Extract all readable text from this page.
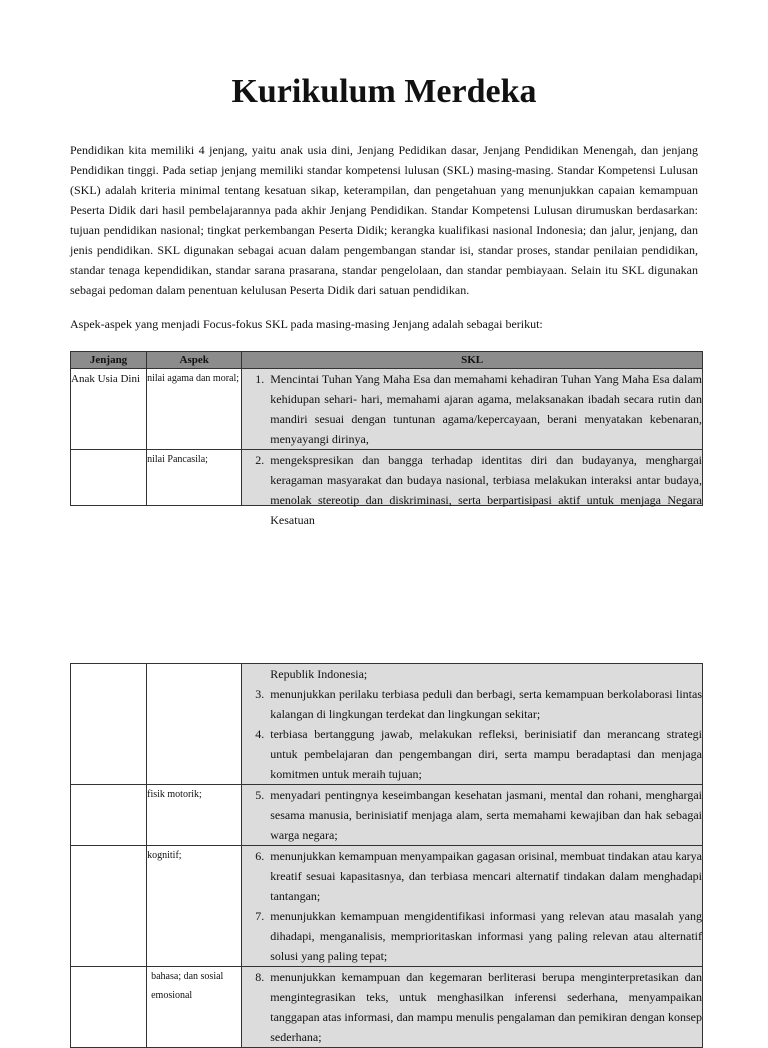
Kurikulum Merdeka

Pendidikan kita memiliki 4 jenjang, yaitu anak usia dini, Jenjang Pedidikan dasar, Jenjang Pendidikan Menengah, dan jenjang Pendidikan tinggi. Pada setiap jenjang memiliki standar kompetensi lulusan (SKL) masing-masing. Standar Kompetensi Lulusan (SKL) adalah kriteria minimal tentang kesatuan sikap, keterampilan, dan pengetahuan yang menunjukkan capaian kemampuan Peserta Didik dari hasil pembelajarannya pada akhir Jenjang Pendidikan. Standar Kompetensi Lulusan dirumuskan berdasarkan: tujuan pendidikan nasional; tingkat perkembangan Peserta Didik; kerangka kualifikasi nasional Indonesia; dan jalur, jenjang, dan jenis pendidikan. SKL digunakan sebagai acuan dalam pengembangan standar isi, standar proses, standar penilaian pendidikan, standar tenaga kependidikan, standar sarana prasarana, standar pengelolaan, dan standar pembiayaan. Selain itu SKL digunakan sebagai pedoman dalam penentuan kelulusan Peserta Didik dari satuan pendidikan.

Aspek-aspek yang menjadi Focus-fokus SKL pada masing-masing Jenjang adalah sebagai berikut:

Jenjang	Aspek	SKL
Anak Usia Dini	nilai agama dan moral;	1. Mencintai Tuhan Yang Maha Esa dan memahami kehadiran Tuhan Yang Maha Esa dalam kehidupan sehari- hari, memahami ajaran agama, melaksanakan ibadah secara rutin dan mandiri sesuai dengan tuntunan agama/kepercayaan, berani menyatakan kebenaran, menyayangi dirinya,

	nilai Pancasila;	2. mengekspresikan dan bangga terhadap identitas diri dan budayanya, menghargai keragaman masyarakat dan budaya nasional, terbiasa melakukan interaksi antar budaya, menolak stereotip dan diskriminasi, serta berpartisipasi aktif untuk menjaga Negara Kesatuan

		Republik Indonesia;
3. menunjukkan perilaku terbiasa peduli dan berbagi, serta kemampuan berkolaborasi lintas kalangan di lingkungan terdekat dan lingkungan sekitar;
4. terbiasa bertanggung jawab, melakukan refleksi, berinisiatif dan merancang strategi untuk pembelajaran dan pengembangan diri, serta mampu beradaptasi dan menjaga komitmen untuk meraih tujuan;

	fisik motorik;	5. menyadari pentingnya keseimbangan kesehatan jasmani, mental dan rohani, menghargai sesama manusia, berinisiatif menjaga alam, serta memahami kewajiban dan hak sebagai warga negara;

	kognitif;	6. menunjukkan kemampuan menyampaikan gagasan orisinal, membuat tindakan atau karya kreatif sesuai kapasitasnya, dan terbiasa mencari alternatif tindakan dalam menghadapi tantangan;
7. menunjukkan kemampuan mengidentifikasi informasi yang relevan atau masalah yang dihadapi, menganalisis, memprioritaskan informasi yang paling relevan atau alternatif solusi yang paling tepat;

	bahasa; dan sosial emosional	8. menunjukkan kemampuan dan kegemaran berliterasi berupa menginterpretasikan dan mengintegrasikan teks, untuk menghasilkan inferensi sederhana, menyampaikan tanggapan atas informasi, dan mampu menulis pengalaman dan pemikiran dengan konsep sederhana;
